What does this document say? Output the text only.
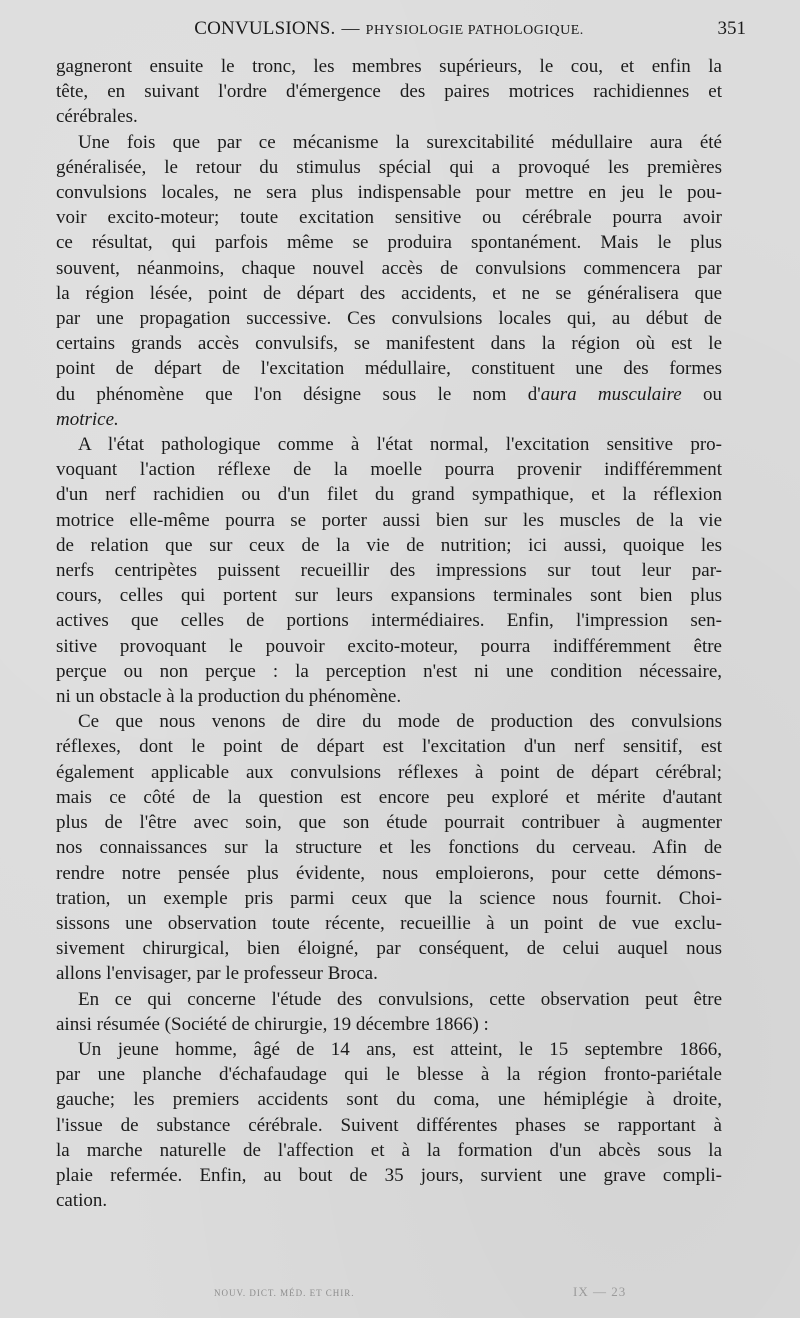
CONVULSIONS. — PHYSIOLOGIE PATHOLOGIQUE.	351

gagneront ensuite le tronc, les membres supérieurs, le cou, et enfin la
tête, en suivant l'ordre d'émergence des paires motrices rachidiennes et
cérébrales.

Une fois que par ce mécanisme la surexcitabilité médullaire aura été
généralisée, le retour du stimulus spécial qui a provoqué les premières
convulsions locales, ne sera plus indispensable pour mettre en jeu le pou-
voir excito-moteur; toute excitation sensitive ou cérébrale pourra avoir
ce résultat, qui parfois même se produira spontanément. Mais le plus
souvent, néanmoins, chaque nouvel accès de convulsions commencera par
la région lésée, point de départ des accidents, et ne se généralisera que
par une propagation successive. Ces convulsions locales qui, au début de
certains grands accès convulsifs, se manifestent dans la région où est le
point de départ de l'excitation médullaire, constituent une des formes
du phénomène que l'on désigne sous le nom d'aura musculaire ou
motrice.

A l'état pathologique comme à l'état normal, l'excitation sensitive pro-
voquant l'action réflexe de la moelle pourra provenir indifféremment
d'un nerf rachidien ou d'un filet du grand sympathique, et la réflexion
motrice elle-même pourra se porter aussi bien sur les muscles de la vie
de relation que sur ceux de la vie de nutrition; ici aussi, quoique les
nerfs centripètes puissent recueillir des impressions sur tout leur par-
cours, celles qui portent sur leurs expansions terminales sont bien plus
actives que celles de portions intermédiaires. Enfin, l'impression sen-
sitive provoquant le pouvoir excito-moteur, pourra indifféremment être
perçue ou non perçue : la perception n'est ni une condition nécessaire,
ni un obstacle à la production du phénomène.

Ce que nous venons de dire du mode de production des convulsions
réflexes, dont le point de départ est l'excitation d'un nerf sensitif, est
également applicable aux convulsions réflexes à point de départ cérébral;
mais ce côté de la question est encore peu exploré et mérite d'autant
plus de l'être avec soin, que son étude pourrait contribuer à augmenter
nos connaissances sur la structure et les fonctions du cerveau. Afin de
rendre notre pensée plus évidente, nous emploierons, pour cette démons-
tration, un exemple pris parmi ceux que la science nous fournit. Choi-
sissons une observation toute récente, recueillie à un point de vue exclu-
sivement chirurgical, bien éloigné, par conséquent, de celui auquel nous
allons l'envisager, par le professeur Broca.

En ce qui concerne l'étude des convulsions, cette observation peut être
ainsi résumée (Société de chirurgie, 19 décembre 1866) :

Un jeune homme, âgé de 14 ans, est atteint, le 15 septembre 1866,
par une planche d'échafaudage qui le blesse à la région fronto-pariétale
gauche; les premiers accidents sont du coma, une hémiplégie à droite,
l'issue de substance cérébrale. Suivent différentes phases se rapportant à
la marche naturelle de l'affection et à la formation d'un abcès sous la
plaie refermée. Enfin, au bout de 35 jours, survient une grave compli-
cation.

NOUV. DICT. MÉD. ET CHIR.	IX — 23
